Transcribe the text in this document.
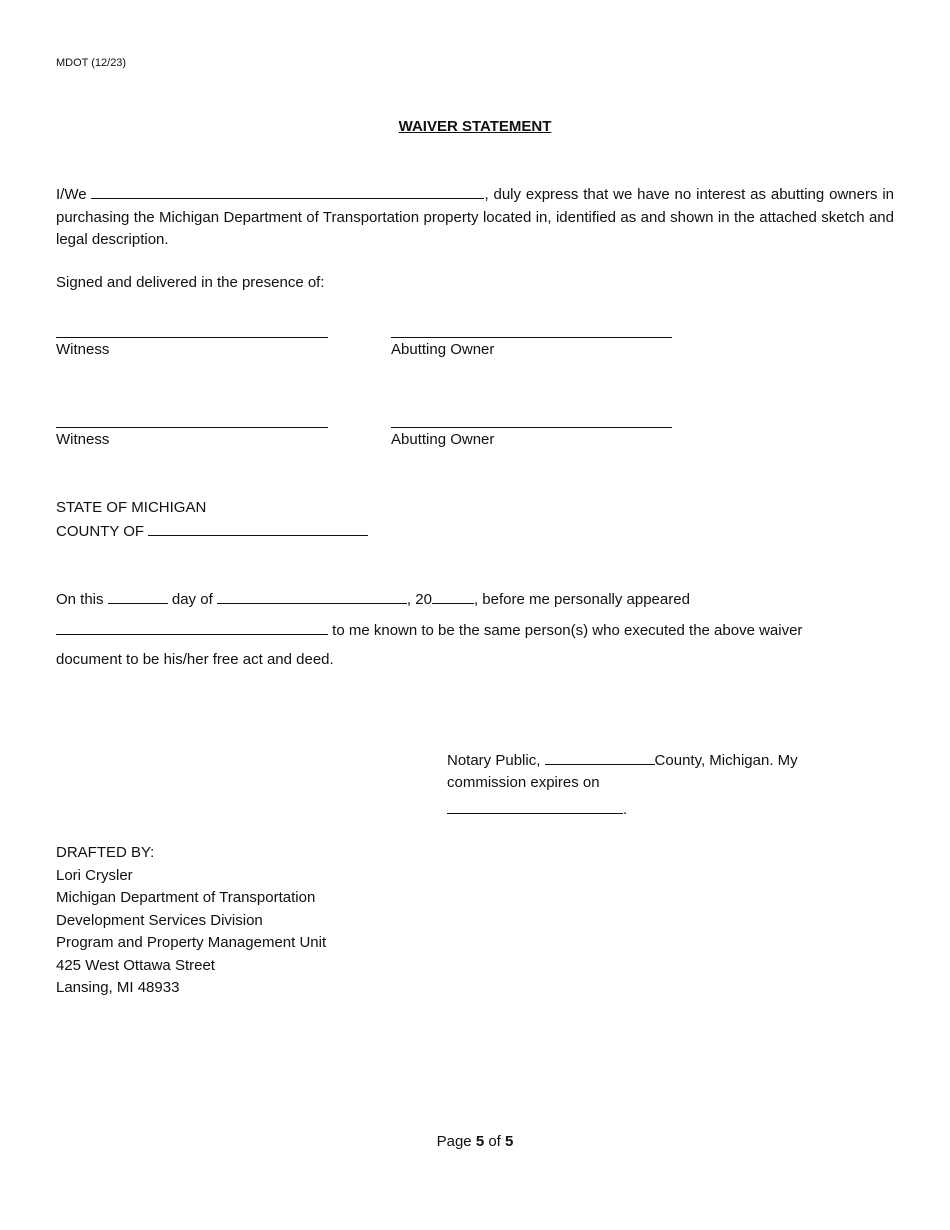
MDOT (12/23)
WAIVER STATEMENT
I/We	, duly express that we have no interest as abutting owners in purchasing the Michigan Department of Transportation property located in, identified as and shown in the attached sketch and legal description.
Signed and delivered in the presence of:
Witness	Abutting Owner
Witness	Abutting Owner
STATE OF MICHIGAN
COUNTY OF
On this	day of	, 20	, before me personally appeared
to me known to be the same person(s) who executed the above waiver
document to be his/her free act and deed.
Notary Public,	County, Michigan. My
commission expires on
.
DRAFTED BY:
Lori Crysler
Michigan Department of Transportation
Development Services Division
Program and Property Management Unit
425 West Ottawa Street
Lansing, MI 48933
Page 5 of 5
